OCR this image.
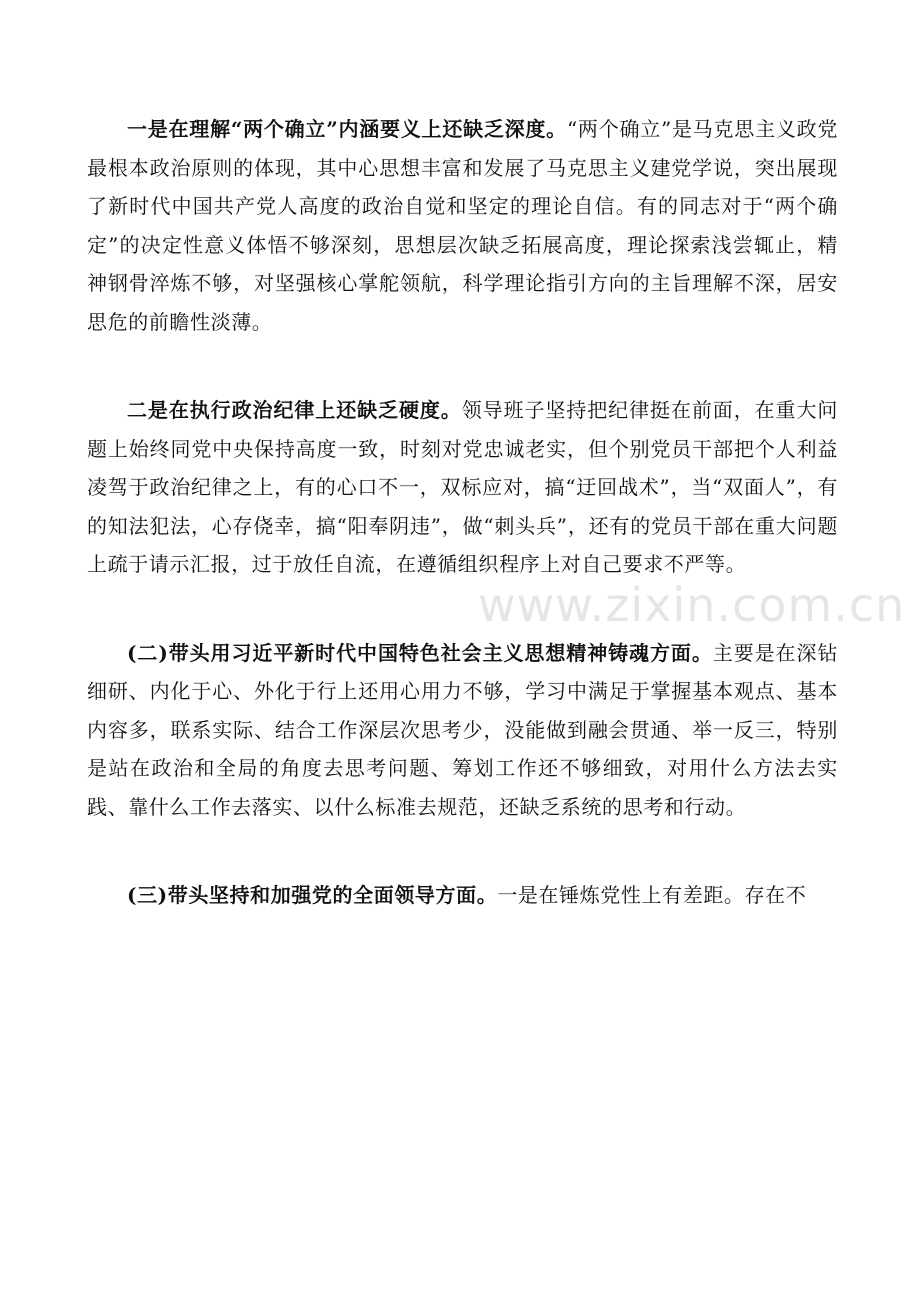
一是在理解“两个确立”内涵要义上还缺乏深度。“两个确立”是马克思主义政党最根本政治原则的体现，其中心思想丰富和发展了马克思主义建党学说，突出展现了新时代中国共产党人高度的政治自觉和坚定的理论自信。有的同志对于“两个确定”的决定性意义体悟不够深刻，思想层次缺乏拓展高度，理论探索浅尝辄止，精神钢骨淬炼不够，对坚强核心掌舵领航，科学理论指引方向的主旨理解不深，居安思危的前瞻性淡薄。

二是在执行政治纪律上还缺乏硬度。领导班子坚持把纪律挺在前面，在重大问题上始终同党中央保持高度一致，时刻对党忠诚老实，但个别党员干部把个人利益凌驾于政治纪律之上，有的心口不一，双标应对，搞“迂回战术”，当“双面人”，有的知法犯法，心存侥幸，搞“阳奉阴违”，做“刺头兵”，还有的党员干部在重大问题上疏于请示汇报，过于放任自流，在遵循组织程序上对自己要求不严等。

(二)带头用习近平新时代中国特色社会主义思想精神铸魂方面。主要是在深钻细研、内化于心、外化于行上还用心用力不够，学习中满足于掌握基本观点、基本内容多，联系实际、结合工作深层次思考少，没能做到融会贯通、举一反三，特别是站在政治和全局的角度去思考问题、筹划工作还不够细致，对用什么方法去实践、靠什么工作去落实、以什么标准去规范，还缺乏系统的思考和行动。

(三)带头坚持和加强党的全面领导方面。一是在锤炼党性上有差距。存在不

www.zixin.com.cn
